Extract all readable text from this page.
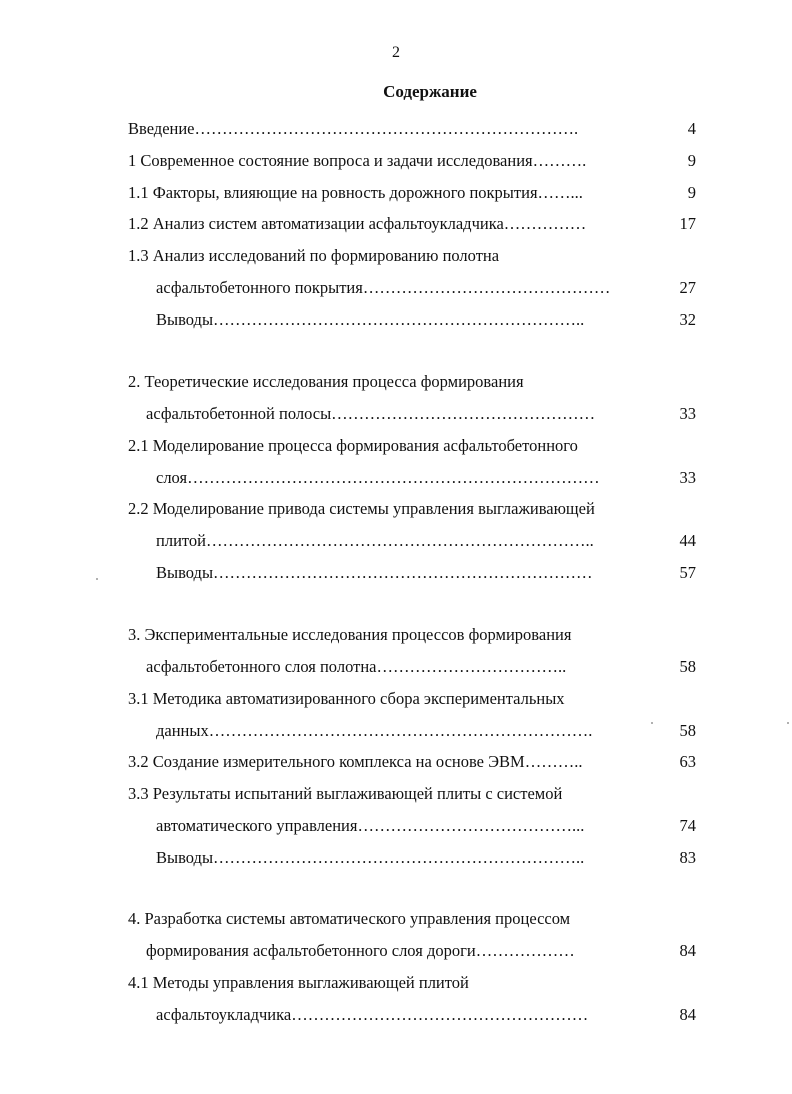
2
Содержание
Введение…………………………………………………………….	4
1 Современное состояние вопроса и задачи исследования……….	9
1.1 Факторы, влияющие на ровность дорожного покрытия……...	9
1.2 Анализ систем автоматизации асфальтоукладчика……………	17
1.3 Анализ исследований по формированию полотна
асфальтобетонного покрытия………………………………………	27
Выводы…………………………………………………………..	32
2. Теоретические исследования процесса формирования
асфальтобетонной полосы…………………………………………	33
2.1 Моделирование процесса формирования асфальтобетонного
слоя…………………………………………………………………	33
2.2 Моделирование привода системы управления выглаживающей
плитой……………………………………………………………..	44
Выводы……………………………………………………………	57
3. Экспериментальные исследования процессов формирования
асфальтобетонного слоя полотна……………………………..	58
3.1 Методика автоматизированного сбора экспериментальных
данных…………………………………………………………….	58
3.2 Создание измерительного комплекса на основе ЭВМ………..	63
3.3 Результаты испытаний выглаживающей плиты с системой
автоматического управления…………………………………...	74
Выводы…………………………………………………………..	83
4. Разработка системы автоматического управления процессом
формирования асфальтобетонного слоя дороги………………	84
4.1 Методы управления выглаживающей плитой
асфальтоукладчика………………………………………………	84
